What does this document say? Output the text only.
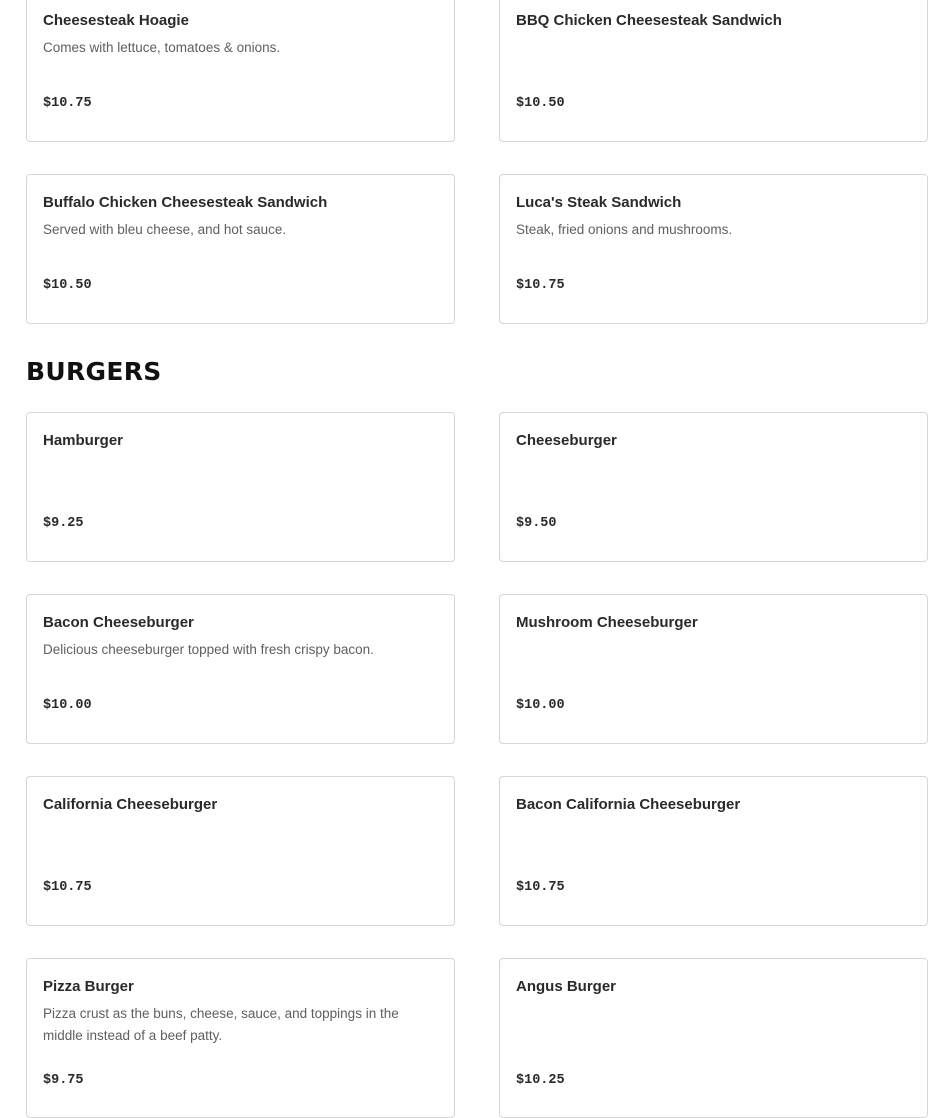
Cheesesteak Hoagie
Comes with lettuce, tomatoes & onions.
$10.75
BBQ Chicken Cheesesteak Sandwich
$10.50
Buffalo Chicken Cheesesteak Sandwich
Served with bleu cheese, and hot sauce.
$10.50
Luca's Steak Sandwich
Steak, fried onions and mushrooms.
$10.75
BURGERS
Hamburger
$9.25
Cheeseburger
$9.50
Bacon Cheeseburger
Delicious cheeseburger topped with fresh crispy bacon.
$10.00
Mushroom Cheeseburger
$10.00
California Cheeseburger
$10.75
Bacon California Cheeseburger
$10.75
Pizza Burger
Pizza crust as the buns, cheese, sauce, and toppings in the middle instead of a beef patty.
$9.75
Angus Burger
$10.25
